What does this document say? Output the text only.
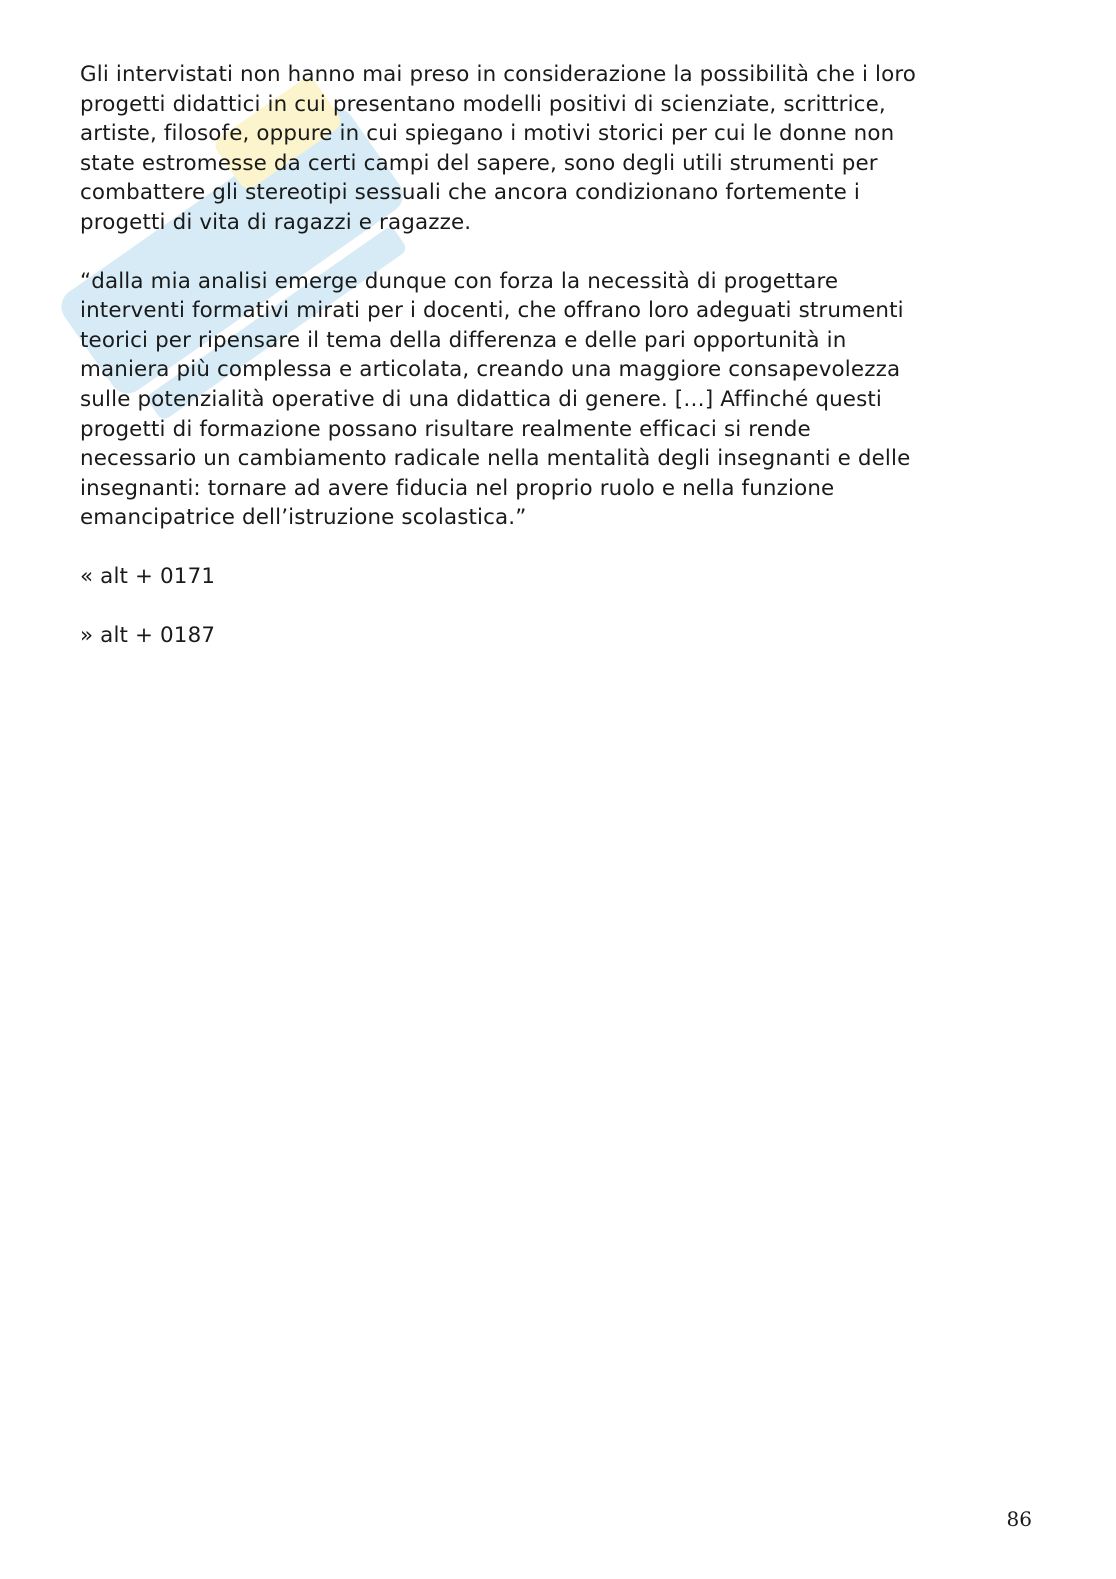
Gli intervistati non hanno mai preso in considerazione la possibilità che i loro
progetti didattici in cui presentano modelli positivi di scienziate, scrittrice,
artiste, filosofe, oppure in cui spiegano i motivi storici per cui le donne non
state estromesse da certi campi del sapere, sono degli utili strumenti per
combattere gli stereotipi sessuali che ancora condizionano fortemente i
progetti di vita di ragazzi e ragazze.

“dalla mia analisi emerge dunque con forza la necessità di progettare
interventi formativi mirati per i docenti, che offrano loro adeguati strumenti
teorici per ripensare il tema della differenza e delle pari opportunità in
maniera più complessa e articolata, creando una maggiore consapevolezza
sulle potenzialità operative di una didattica di genere. […] Affinché questi
progetti di formazione possano risultare realmente efficaci si rende
necessario un cambiamento radicale nella mentalità degli insegnanti e delle
insegnanti: tornare ad avere fiducia nel proprio ruolo e nella funzione
emancipatrice dell’istruzione scolastica.”

« alt + 0171

» alt + 0187

86
